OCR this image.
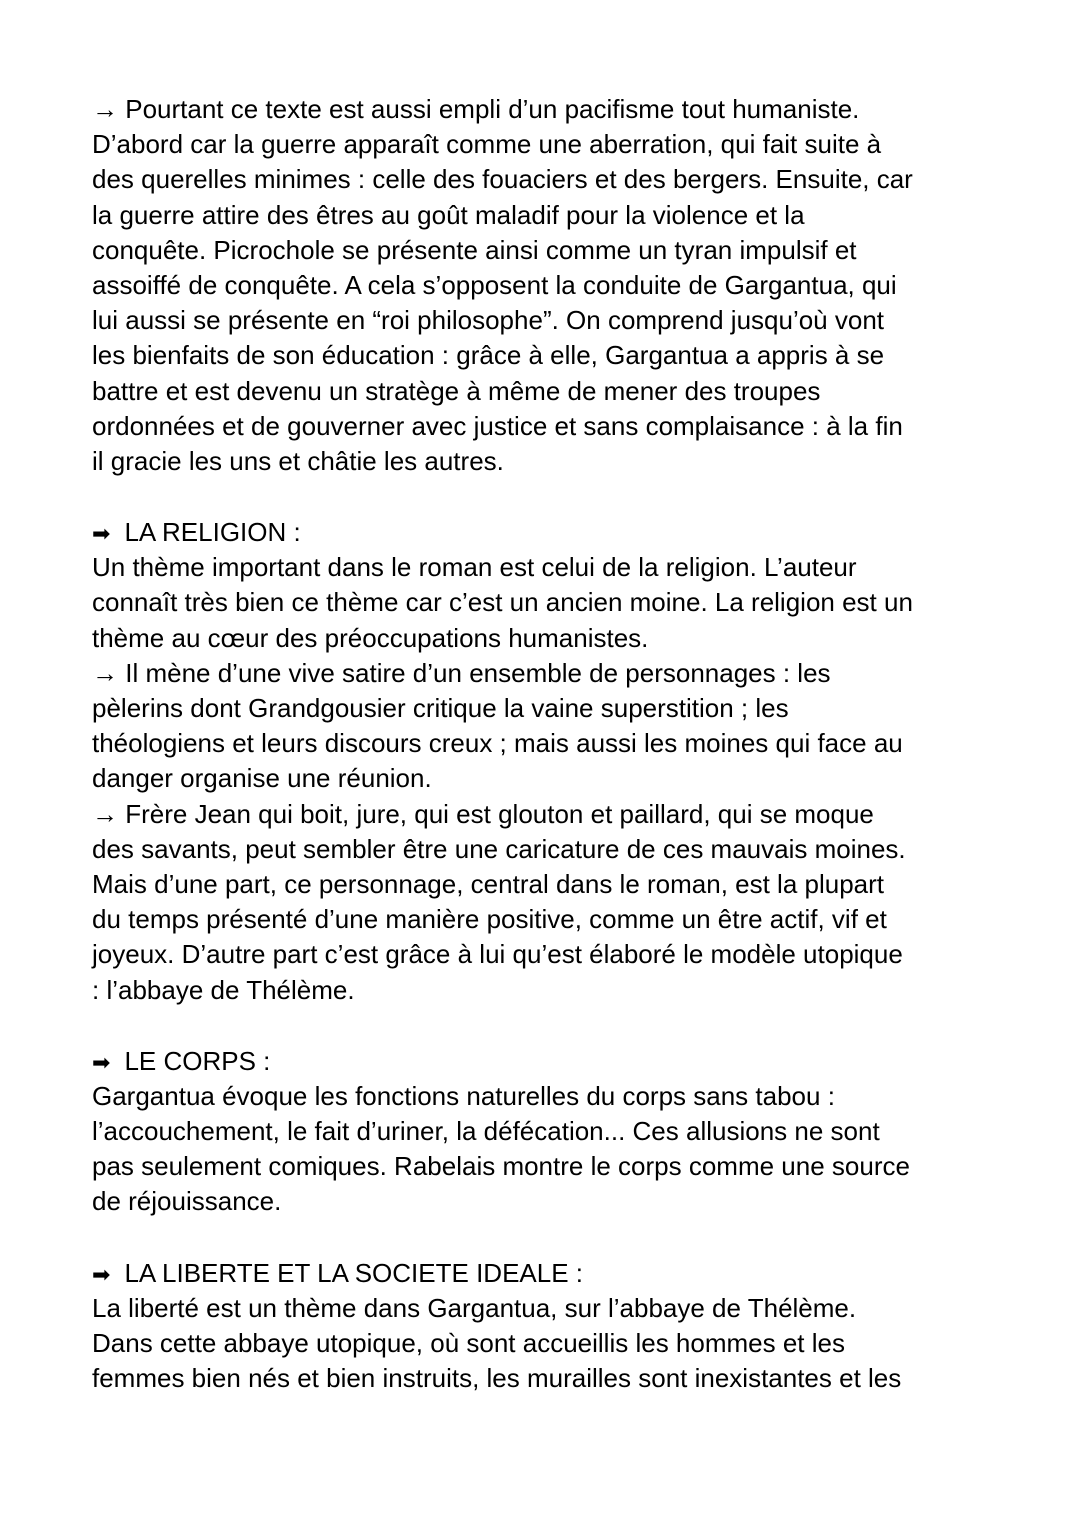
→ Pourtant ce texte est aussi empli d’un pacifisme tout humaniste.
D’abord car la guerre apparaît comme une aberration, qui fait suite à
des querelles minimes : celle des fouaciers et des bergers. Ensuite, car
la guerre attire des êtres au goût maladif pour la violence et la
conquête. Picrochole se présente ainsi comme un tyran impulsif et
assoiffé de conquête. A cela s’opposent la conduite de Gargantua, qui
lui aussi se présente en “roi philosophe”. On comprend jusqu’où vont
les bienfaits de son éducation : grâce à elle, Gargantua a appris à se
battre et est devenu un stratège à même de mener des troupes
ordonnées et de gouverner avec justice et sans complaisance : à la fin
il gracie les uns et châtie les autres.
➡ LA RELIGION :
Un thème important dans le roman est celui de la religion. L’auteur
connaît très bien ce thème car c’est un ancien moine. La religion est un
thème au cœur des préoccupations humanistes.
→ Il mène d’une vive satire d’un ensemble de personnages : les
pèlerins dont Grandgousier critique la vaine superstition ; les
théologiens et leurs discours creux ; mais aussi les moines qui face au
danger organise une réunion.
→ Frère Jean qui boit, jure, qui est glouton et paillard, qui se moque
des savants, peut sembler être une caricature de ces mauvais moines.
Mais d’une part, ce personnage, central dans le roman, est la plupart
du temps présenté d’une manière positive, comme un être actif, vif et
joyeux. D’autre part c’est grâce à lui qu’est élaboré le modèle utopique
: l’abbaye de Thélème.
➡ LE CORPS :
Gargantua évoque les fonctions naturelles du corps sans tabou :
l’accouchement, le fait d’uriner, la défécation... Ces allusions ne sont
pas seulement comiques. Rabelais montre le corps comme une source
de réjouissance.
➡ LA LIBERTE ET LA SOCIETE IDEALE :
La liberté est un thème dans Gargantua, sur l’abbaye de Thélème.
Dans cette abbaye utopique, où sont accueillis les hommes et les
femmes bien nés et bien instruits, les murailles sont inexistantes et les
